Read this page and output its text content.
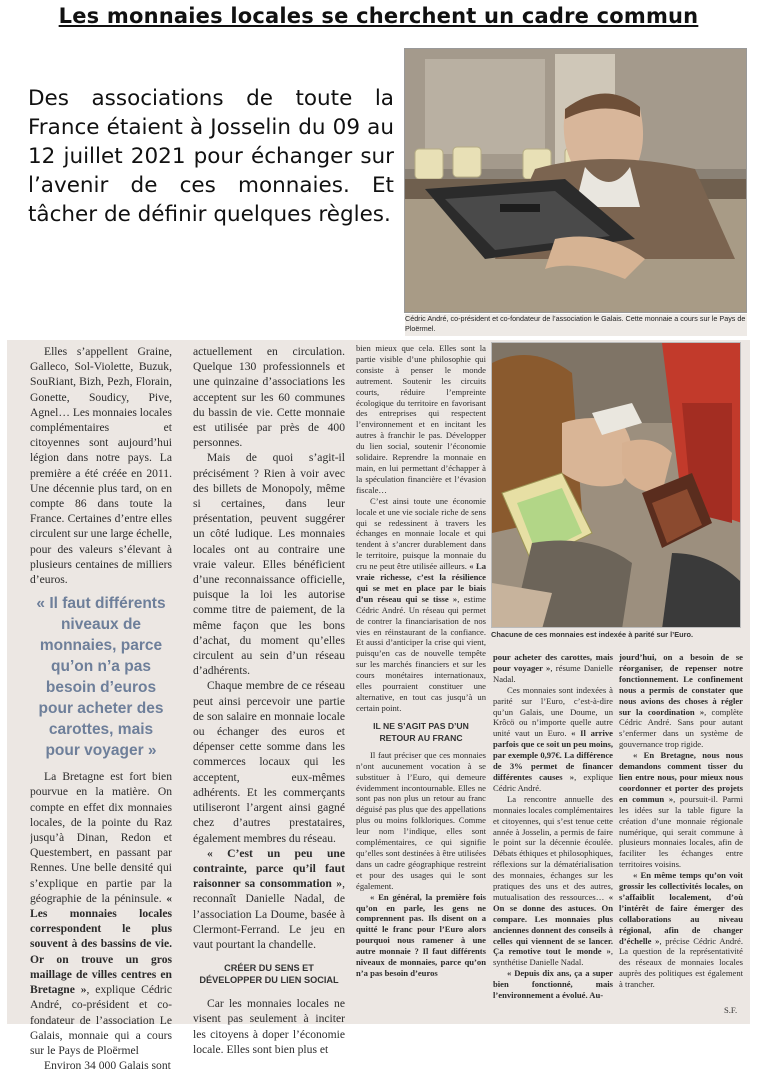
Les monnaies locales se cherchent un cadre commun
Des associations de toute la France étaient à Josselin du 09 au 12 juillet 2021 pour échanger sur l’avenir de ces monnaies. Et tâcher de définir quelques règles.
Cédric André, co-président et co-fondateur de l’association le Galais. Cette monnaie a cours sur le Pays de Ploërmel.

Elles s’appellent Graine, Galleco, Sol-Violette, Buzuk, SouRiant, Bizh, Pezh, Florain, Gonette, Soudicy, Pive, Agnel… Les monnaies locales complémentaires et citoyennes sont aujourd’hui légion dans notre pays. La première a été créée en 2011. Une décennie plus tard, on en compte 86 dans toute la France. Certaines d’entre elles circulent sur une large échelle, pour des valeurs s’élevant à plusieurs centaines de milliers d’euros.

« Il faut différents niveaux de monnaies, parce qu’on n’a pas besoin d’euros pour acheter des carottes, mais pour voyager »

La Bretagne est fort bien pourvue en la matière. On compte en effet dix monnaies locales, de la pointe du Raz jusqu’à Dinan, Redon et Questembert, en passant par Rennes. Une belle densité qui s’explique en partie par la géographie de la péninsule. « Les monnaies locales correspondent le plus souvent à des bassins de vie. Or on trouve un gros maillage de villes centres en Bretagne », explique Cédric André, co-président et co-fondateur de l’association Le Galais, monnaie qui a cours sur le Pays de Ploërmel

Environ 34 000 Galais sont

actuellement en circulation. Quelque 130 professionnels et une quinzaine d’associations les acceptent sur les 60 communes du bassin de vie. Cette monnaie est utilisée par près de 400 personnes.

Mais de quoi s’agit-il précisément ? Rien à voir avec des billets de Monopoly, même si certaines, dans leur présentation, peuvent suggérer un côté ludique. Les monnaies locales ont au contraire une vraie valeur. Elles bénéficient d’une reconnaissance officielle, puisque la loi les autorise comme titre de paiement, de la même façon que les bons d’achat, du moment qu’elles circulent au sein d’un réseau d’adhérents.

Chaque membre de ce réseau peut ainsi percevoir une partie de son salaire en monnaie locale ou échanger des euros et dépenser cette somme dans les commerces locaux qui les acceptent, eux-mêmes adhérents. Et les commerçants utiliseront l’argent ainsi gagné chez d’autres prestataires, également membres du réseau.

« C’est un peu une contrainte, parce qu’il faut raisonner sa consommation », reconnaît Danielle Nadal, de l’association La Doume, basée à Clermont-Ferrand. Le jeu en vaut pourtant la chandelle.

CRÉER DU SENS ET DÉVELOPPER DU LIEN SOCIAL

Car les monnaies locales ne visent pas seulement à inciter les citoyens à doper l’économie locale. Elles sont bien plus et

bien mieux que cela. Elles sont la partie visible d’une philosophie qui consiste à penser le monde autrement. Soutenir les circuits courts, réduire l’empreinte écologique du territoire en favorisant des entreprises qui respectent l’environnement et en incitant les autres à franchir le pas. Développer du lien social, soutenir l’économie solidaire. Reprendre la monnaie en main, en lui permettant d’échapper à la spéculation financière et l’évasion fiscale…

C’est ainsi toute une économie locale et une vie sociale riche de sens qui se redessinent à travers les échanges en monnaie locale et qui tendent à s’ancrer durablement dans le territoire, puisque la monnaie du cru ne peut être utilisée ailleurs. « La vraie richesse, c’est la résilience qui se met en place par le biais d’un réseau qui se tisse », estime Cédric André. Un réseau qui permet de contrer la financiarisation de nos vies en réinstaurant de la confiance. Et aussi d’anticiper la crise qui vient, puisqu’en cas de nouvelle tempête sur les marchés financiers et sur les cours monétaires internationaux, elles pourraient constituer une alternative, en tout cas jusqu’à un certain point.

IL NE S’AGIT PAS D’UN RETOUR AU FRANC

Il faut préciser que ces monnaies n’ont aucunement vocation à se substituer à l’Euro, qui demeure évidemment incontournable. Elles ne sont pas non plus un retour au franc déguisé pas plus que des appellations plus ou moins folkloriques. Comme leur nom l’indique, elles sont complémentaires, ce qui signifie qu’elles sont destinées à être utilisées dans un cadre géographique restreint et pour des usages qui le sont également.

« En général, la première fois qu’on en parle, les gens ne comprennent pas. Ils disent on a quitté le franc pour l’Euro alors pourquoi nous ramener à une autre monnaie ? Il faut différents niveaux de monnaies, parce qu’on n’a pas besoin d’euros

Chacune de ces monnaies est indexée à parité sur l’Euro.

pour acheter des carottes, mais pour voyager », résume Danielle Nadal.

Ces monnaies sont indexées à parité sur l’Euro, c’est-à-dire qu’un Galais, une Doume, un Krôcö ou n’importe quelle autre unité vaut un Euro. « Il arrive parfois que ce soit un peu moins, par exemple 0,97€. La différence de 3% permet de financer différentes causes », explique Cédric André.

La rencontre annuelle des monnaies locales complémentaires et citoyennes, qui s’est tenue cette année à Josselin, a permis de faire le point sur la décennie écoulée. Débats éthiques et philosophiques, réflexions sur la dématérialisation des monnaies, échanges sur les pratiques des uns et des autres, mutualisation des ressources… « On se donne des astuces. On compare. Les monnaies plus anciennes donnent des conseils à celles qui viennent de se lancer. Ça remotive tout le monde », synthétise Danielle Nadal.

« Depuis dix ans, ça a super bien fonctionné, mais l’environnement a évolué. Au-

jourd’hui, on a besoin de se réorganiser, de repenser notre fonctionnement. Le confinement nous a permis de constater que nous avions des choses à régler sur la coordination », complète Cédric André. Sans pour autant s’enfermer dans un système de gouvernance trop rigide.

« En Bretagne, nous nous demandons comment tisser du lien entre nous, pour mieux nous coordonner et porter des projets en commun », poursuit-il. Parmi les idées sur la table figure la création d’une monnaie régionale numérique, qui serait commune à plusieurs monnaies locales, afin de faciliter les échanges entre territoires voisins.

« En même temps qu’on voit grossir les collectivités locales, on s’affaiblit localement, d’où l’intérêt de faire émerger des collaborations au niveau régional, afin de changer d’échelle », précise Cédric André. La question de la représentativité des réseaux de monnaies locales auprès des politiques est également à trancher.

S.F.
